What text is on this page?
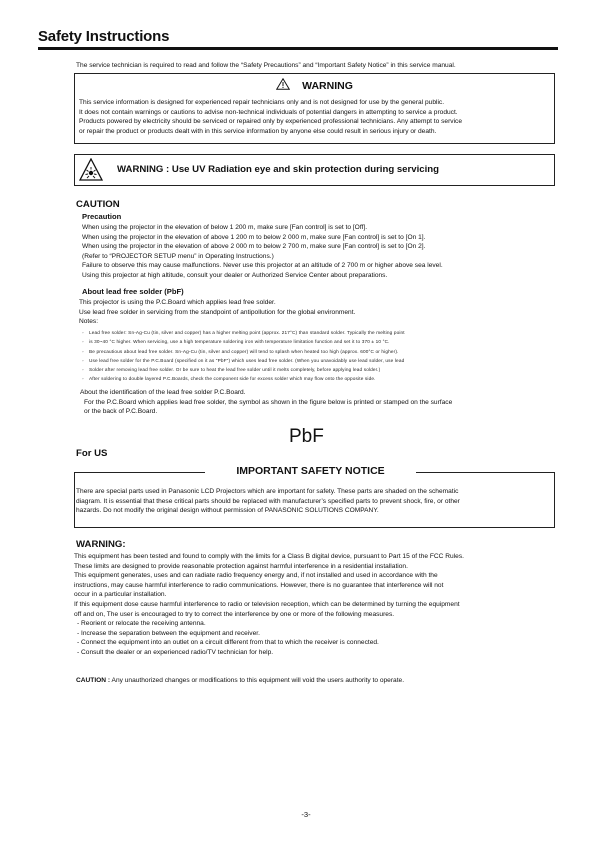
Safety Instructions
The service technician is required to read and follow the “Safety Precautions” and “Important Safety Notice” in this service manual.
WARNING
This service information is designed for experienced repair technicians only and is not designed for use by the general public.
It does not contain warnings or cautions to advise non-technical individuals of potential dangers in attempting to service a product.
Products powered by electricity should be serviced or repaired only by experienced professional technicians. Any attempt to service
or repair the product or products dealt with in this service information by anyone else could result in serious injury or death.
WARNING : Use UV Radiation eye and skin protection during servicing
CAUTION
Precaution
When using the projector in the elevation of below 1 200 m, make sure [Fan control] is set to [Off].
When using the projector in the elevation of above 1 200 m to below 2 000 m, make sure [Fan control] is set to [On 1].
When using the projector in the elevation of above 2 000 m to below 2 700 m, make sure [Fan control] is set to [On 2].
(Refer to “PROJECTOR SETUP menu” in Operating Instructions.)
Failure to observe this may cause malfunctions. Never use this projector at an altitude of 2 700 m or higher above sea level.
Using this projector at high altitude, consult your dealer or Authorized Service Center about preparations.
About lead free solder (PbF)
This projector is using the P.C.Board which applies lead free solder.
Use lead free solder in servicing from the standpoint of antipollution for the global environment.
Notes:
◦ Lead free solder: Sn-Ag-Cu (tin, silver and copper) has a higher melting point (approx. 217°C) than standard solder. Typically the melting point
◦ is 30~40 °C higher. When servicing, use a high temperature soldering iron with temperature limitation function and set it to 370 ± 10 °C.
◦ Be precautious about lead free solder. Sn-Ag-Cu (tin, silver and copper) will tend to splash when heated too high (approx. 600°C or higher).
◦ Use lead free solder for the P.C.Board (specified on it as "PbF") which uses lead free solder. (When you unavoidably use lead solder, use lead
◦ Solder after removing lead free solder. Or be sure to heat the lead free solder until it melts completely, before applying lead solder.)
◦ After soldering to double layered P.C.Boards, check the component side for excess solder which may flow onto the opposite side.
About the identification of the lead free solder P.C.Board.
For the P.C.Board which applies lead free solder, the symbol as shown in the figure below is printed or stamped on the surface
or the back of P.C.Board.
PbF
For US
IMPORTANT SAFETY NOTICE
There are special parts used in Panasonic LCD Projectors which are important for safety. These parts are shaded on the schematic
diagram. It is essential that these critical parts should be replaced with manufacturer’s specified parts to prevent shock, fire, or other
hazards. Do not modify the original design without permission of PANASONIC SOLUTIONS COMPANY.
WARNING:
This equipment has been tested and found to comply with the limits for a Class B digital device, pursuant to Part 15 of the FCC Rules.
These limits are designed to provide reasonable protection against harmful interference in a residential installation.
This equipment generates, uses and can radiate radio frequency energy and, if not installed and used in accordance with the
instructions, may cause harmful interference to radio communications. However, there is no guarantee that interference will not
occur in a particular installation.
If this equipment dose cause harmful interference to radio or television reception, which can be determined by turning the equipment
off and on, The user is encouraged to try to correct the interference by one or more of the following measures.
- Reorient or relocate the receiving antenna.
- Increase the separation between the equipment and receiver.
- Connect the equipment into an outlet on a circuit different from that to which the receiver is connected.
- Consult the dealer or an experienced radio/TV technician for help.
CAUTION : Any unauthorized changes or modifications to this equipment will void the users authority to operate.
-3-
